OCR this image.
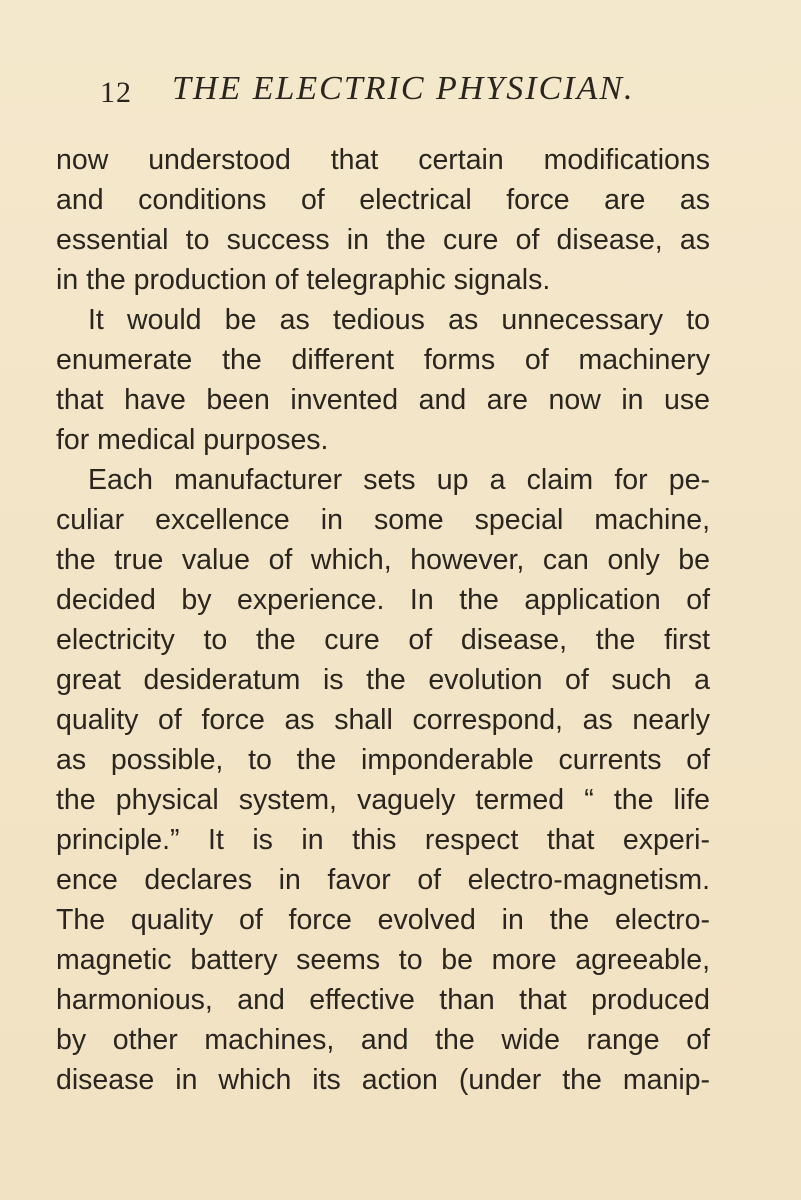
12 THE ELECTRIC PHYSICIAN.
now understood that certain modifications
and conditions of electrical force are as
essential to success in the cure of disease, as
in the production of telegraphic signals.
It would be as tedious as unnecessary to
enumerate the different forms of machinery
that have been invented and are now in use
for medical purposes.
Each manufacturer sets up a claim for pe-
culiar excellence in some special machine,
the true value of which, however, can only be
decided by experience. In the application of
electricity to the cure of disease, the first
great desideratum is the evolution of such a
quality of force as shall correspond, as nearly
as possible, to the imponderable currents of
the physical system, vaguely termed “ the life
principle.” It is in this respect that experi-
ence declares in favor of electro-magnetism.
The quality of force evolved in the electro-
magnetic battery seems to be more agreeable,
harmonious, and effective than that produced
by other machines, and the wide range of
disease in which its action (under the manip-
